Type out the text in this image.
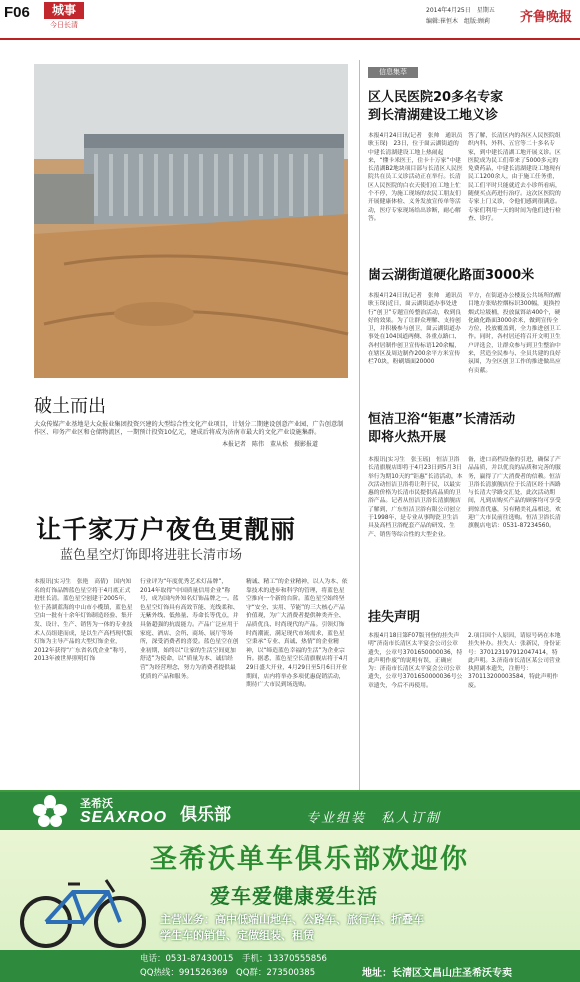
F06	城事
今日长清
2014年4月25日　星期五
编辑:崔恒木　组版:顾莉 齐鲁晚报
破土而出
大众传媒产业基地是大众报业集团投资兴建的大型综合性文化产业项目，计划分二期建设创意产业园、广告创意制作区、印务产业区和仓储物流区，一期预计投资10亿元，建成后将成为济南市最大的文化产业设施集群。
本报记者　陈伟　董从松　摄影报道
信息集萃
区人民医院20多名专家
到长清湖建设工地义诊
本报4月24日讯(记者　张帅　通讯员　耿玉琛)　23日，位于崮云湖街道的中建长清湖建设工地上热闹起来，“懂卡米医王，住卡十万家”中建长清湖B2地块项目部与长清区人民医院共在员工义诊活动正在举行。长清区人民医院的白衣天使们在工地上忙个不停，为施工现场的农民工朋友们开展健康体检、义务发放宣传单等活动，医疗专家现场给出诊断，耐心解答。
答了解，长清区内的各区人民医院组织内科、外科、五官等二十多名专家，到中建长清湖工地开展义诊。区医院成为民工们带来了5000多元的免费药品，中建长清湖建设工地现有民工1200余人，由于施工任务重，民工们平时只能就近去小诊所看病，随便买点药进行治疗。这次区医院的专家上门义诊，令他们感到很满意。专家们利用一天的时间为他们进行检查、诊疗。
崮云湖街道硬化路面3000米
本报4月24日讯(记者　张帅　通讯员　耿玉琛)近日，崮云湖街道办事处进行“创卫”专题宣传整治活动，收到良好的效果。为了让群众理解、支持创卫，并积极参与创卫，崮云湖街道办事处在104国道两侧、各重点路口、各村居制作创卫宣传标语120余幅，在辖区及周边制作200余平方米宣传栏70块，粉刷墙面20000
平方，在街道办公楼及公共场所的醒目地方张贴控烟标识300幅，更换控烟式垃圾桶，投放鼠饵站400个，硬化破化路面3000余米，做到宣传全方位，投放覆盖到，全力推进创卫工作。同时，各村居还将召开文明卫生户评选会，让群众参与到卫生整治中来，营造全民参与、全员共建的良好氛围，为全区创卫工作的推进做出应有贡献。
恒洁卫浴“钜惠”长清活动
即将火热开展
本报讯(实习生　张玉瑶)　恒洁卫浴长清旗舰店即将于4月23日到5月3日举行为期10天的“钜惠”长清活动，本次活动恒洁卫浴将让利于民，以最实惠的价格为长清市民提供高品质的卫浴产品。记者从恒洁卫浴长清旗舰店了解到，广东恒洁卫浴有限公司创立于1998年，是专业从事陶瓷卫生洁具及高档卫浴配套产品的研发、生产、销售等综合性的大型企业。
备，进口高档设备的引进，确保了产品品质，并以优良的品质和完善的服务，赢得了广大消费者的信赖。恒洁卫浴长清旗舰店位于长清区经十西路与长清大学路交汇处，此次活动期间，凡到店购买产品的顾客均可享受到惊喜优惠，另有精美礼品相送，欢迎广大市民前往选购。恒洁卫浴长清旗舰店电话：0531-87234560。
挂失声明
本报4月18日第F07版刊登的挂失声明“济南市长清区太平宴会公司公章遗失，公章号3701650000036，特此声明作废”的说明有误，正确应为：济南市长清区太平宴会公司公章遗失，公章号3701650000036号公章遗失，今后不再使用。
2.项目因个人原因，请原号码在本地挂失补办。挂失人：张新民，身份证号：370123197912047414，特此声明。3.济南市长清区某公司营业执照副本遗失，注册号：370113200003584，特此声明作废。
让千家万户夜色更靓丽
蓝色星空灯饰即将进驻长清市场
本报讯(实习生　张艳　高倩)　国内知名的灯饰品牌蓝色星空将于4月底正式进驻长清。蓝色星空创建于2005年，位于蒸湖蓝海的中山市小榄镇，蓝色星空由一批有十余年灯饰制造经验、集开发、设计、生产、销售为一体的专业技术人员组建而成，是以生产高档现代版灯饰为主导产品的大型灯饰企业，2012年获得“广东省名优企业”称号，2013年被世界照明灯饰
行业评为“年度优秀艺术灯品牌”，2014年取得“中国质量信用企业”称号，成为国内外知名灯饰品牌之一。蓝色星空灯饰具有高效节能、光线柔和、无紫外线、低热量、寿命长等优点，并具备超强的抗震能力。产品广泛应用于家庭、酒店、会所、商场、展厅等场所，深受消费者的喜爱。蓝色星空在创业初期，始终以“让家的生活空间更加舒适”为使命，以“质量为本、诚信经营”为经营理念，努力为消费者提供最优质的产品和服务。
精诚、精工”的企业精神，以人为本、依靠技术的进步和科学的管理，将蓝色星空推向一个新的台阶。蓝色星空始终坚守“安全、实用、节能”的三大核心产品价值观，为广大消费者提供种类齐全、品质优良、时尚现代的产品。引领灯饰时尚潮流，满足现代市场需求，蓝色星空秉承“专业、真诚、热情”的企业精神，以“缔造蓝色幸福的生活”为企业宗旨。据悉，蓝色星空长清旗舰店将于4月29日盛大开业，4月29日至5月6日开业期间，店内将举办多项优惠促销活动，期待广大市民到场选购。
圣希沃
SEAXROO 俱乐部	专业组装　私人订制
圣希沃单车俱乐部欢迎你
爱车爱健康爱生活
主营业务：高中低端山地车、公路车、旅行车、折叠车
学生车的销售、定做组装、租赁
电话：0531-87430015　手机：13370555856
QQ热线：991526369　QQ群：273500385	地址：长清区文昌山庄圣希沃专卖
